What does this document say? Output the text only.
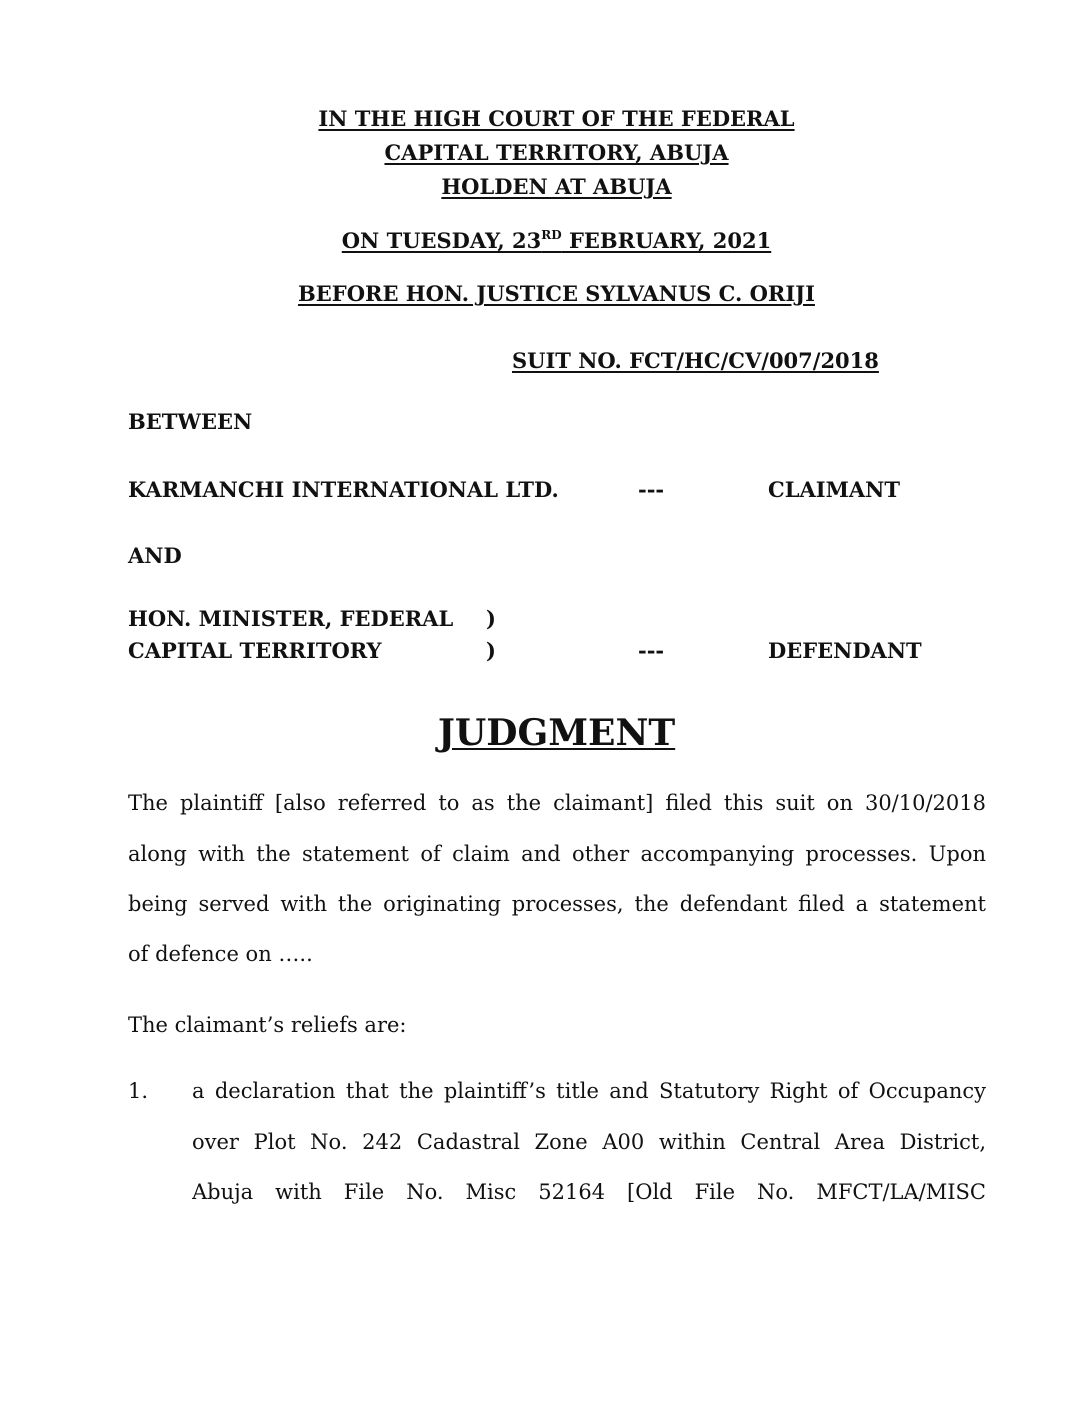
IN THE HIGH COURT OF THE FEDERAL
CAPITAL TERRITORY, ABUJA
HOLDEN AT ABUJA
ON TUESDAY, 23RD FEBRUARY, 2021
BEFORE HON. JUSTICE SYLVANUS C. ORIJI
SUIT NO. FCT/HC/CV/007/2018
BETWEEN
KARMANCHI INTERNATIONAL LTD.	---	CLAIMANT
AND
HON. MINISTER, FEDERAL )
CAPITAL TERRITORY	)	---	DEFENDANT
JUDGMENT
The plaintiff [also referred to as the claimant] filed this suit on 30/10/2018
along with the statement of claim and other accompanying processes. Upon
being served with the originating processes, the defendant filed a statement
of defence on …..
The claimant’s reliefs are:
1. a declaration that the plaintiff’s title and Statutory Right of Occupancy
over Plot No. 242 Cadastral Zone A00 within Central Area District,
Abuja with File No. Misc 52164 [Old File No. MFCT/LA/MISC
